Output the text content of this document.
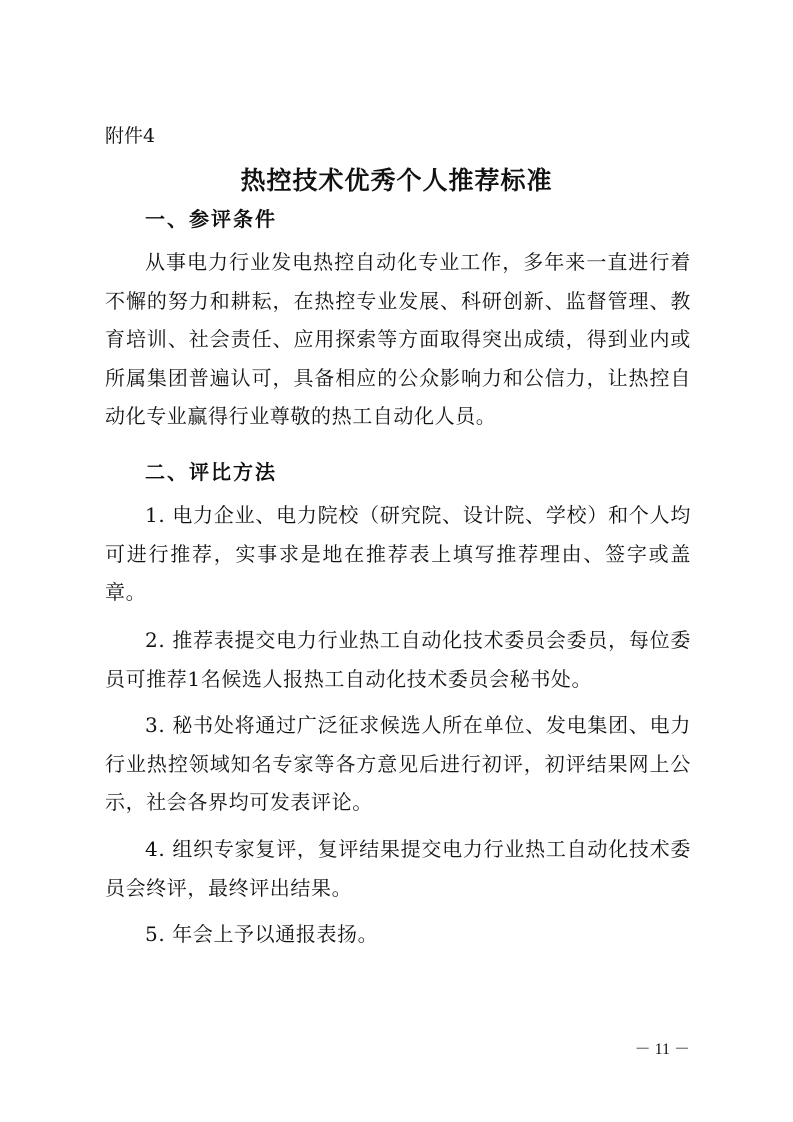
附件4
热控技术优秀个人推荐标准
一、参评条件

从事电力行业发电热控自动化专业工作，多年来一直进行着不懈的努力和耕耘，在热控专业发展、科研创新、监督管理、教育培训、社会责任、应用探索等方面取得突出成绩，得到业内或所属集团普遍认可，具备相应的公众影响力和公信力，让热控自动化专业赢得行业尊敬的热工自动化人员。

二、评比方法

1. 电力企业、电力院校（研究院、设计院、学校）和个人均可进行推荐，实事求是地在推荐表上填写推荐理由、签字或盖章。

2. 推荐表提交电力行业热工自动化技术委员会委员，每位委员可推荐1名候选人报热工自动化技术委员会秘书处。

3. 秘书处将通过广泛征求候选人所在单位、发电集团、电力行业热控领域知名专家等各方意见后进行初评，初评结果网上公示，社会各界均可发表评论。

4. 组织专家复评，复评结果提交电力行业热工自动化技术委员会终评，最终评出结果。

5. 年会上予以通报表扬。

－ 11 －
